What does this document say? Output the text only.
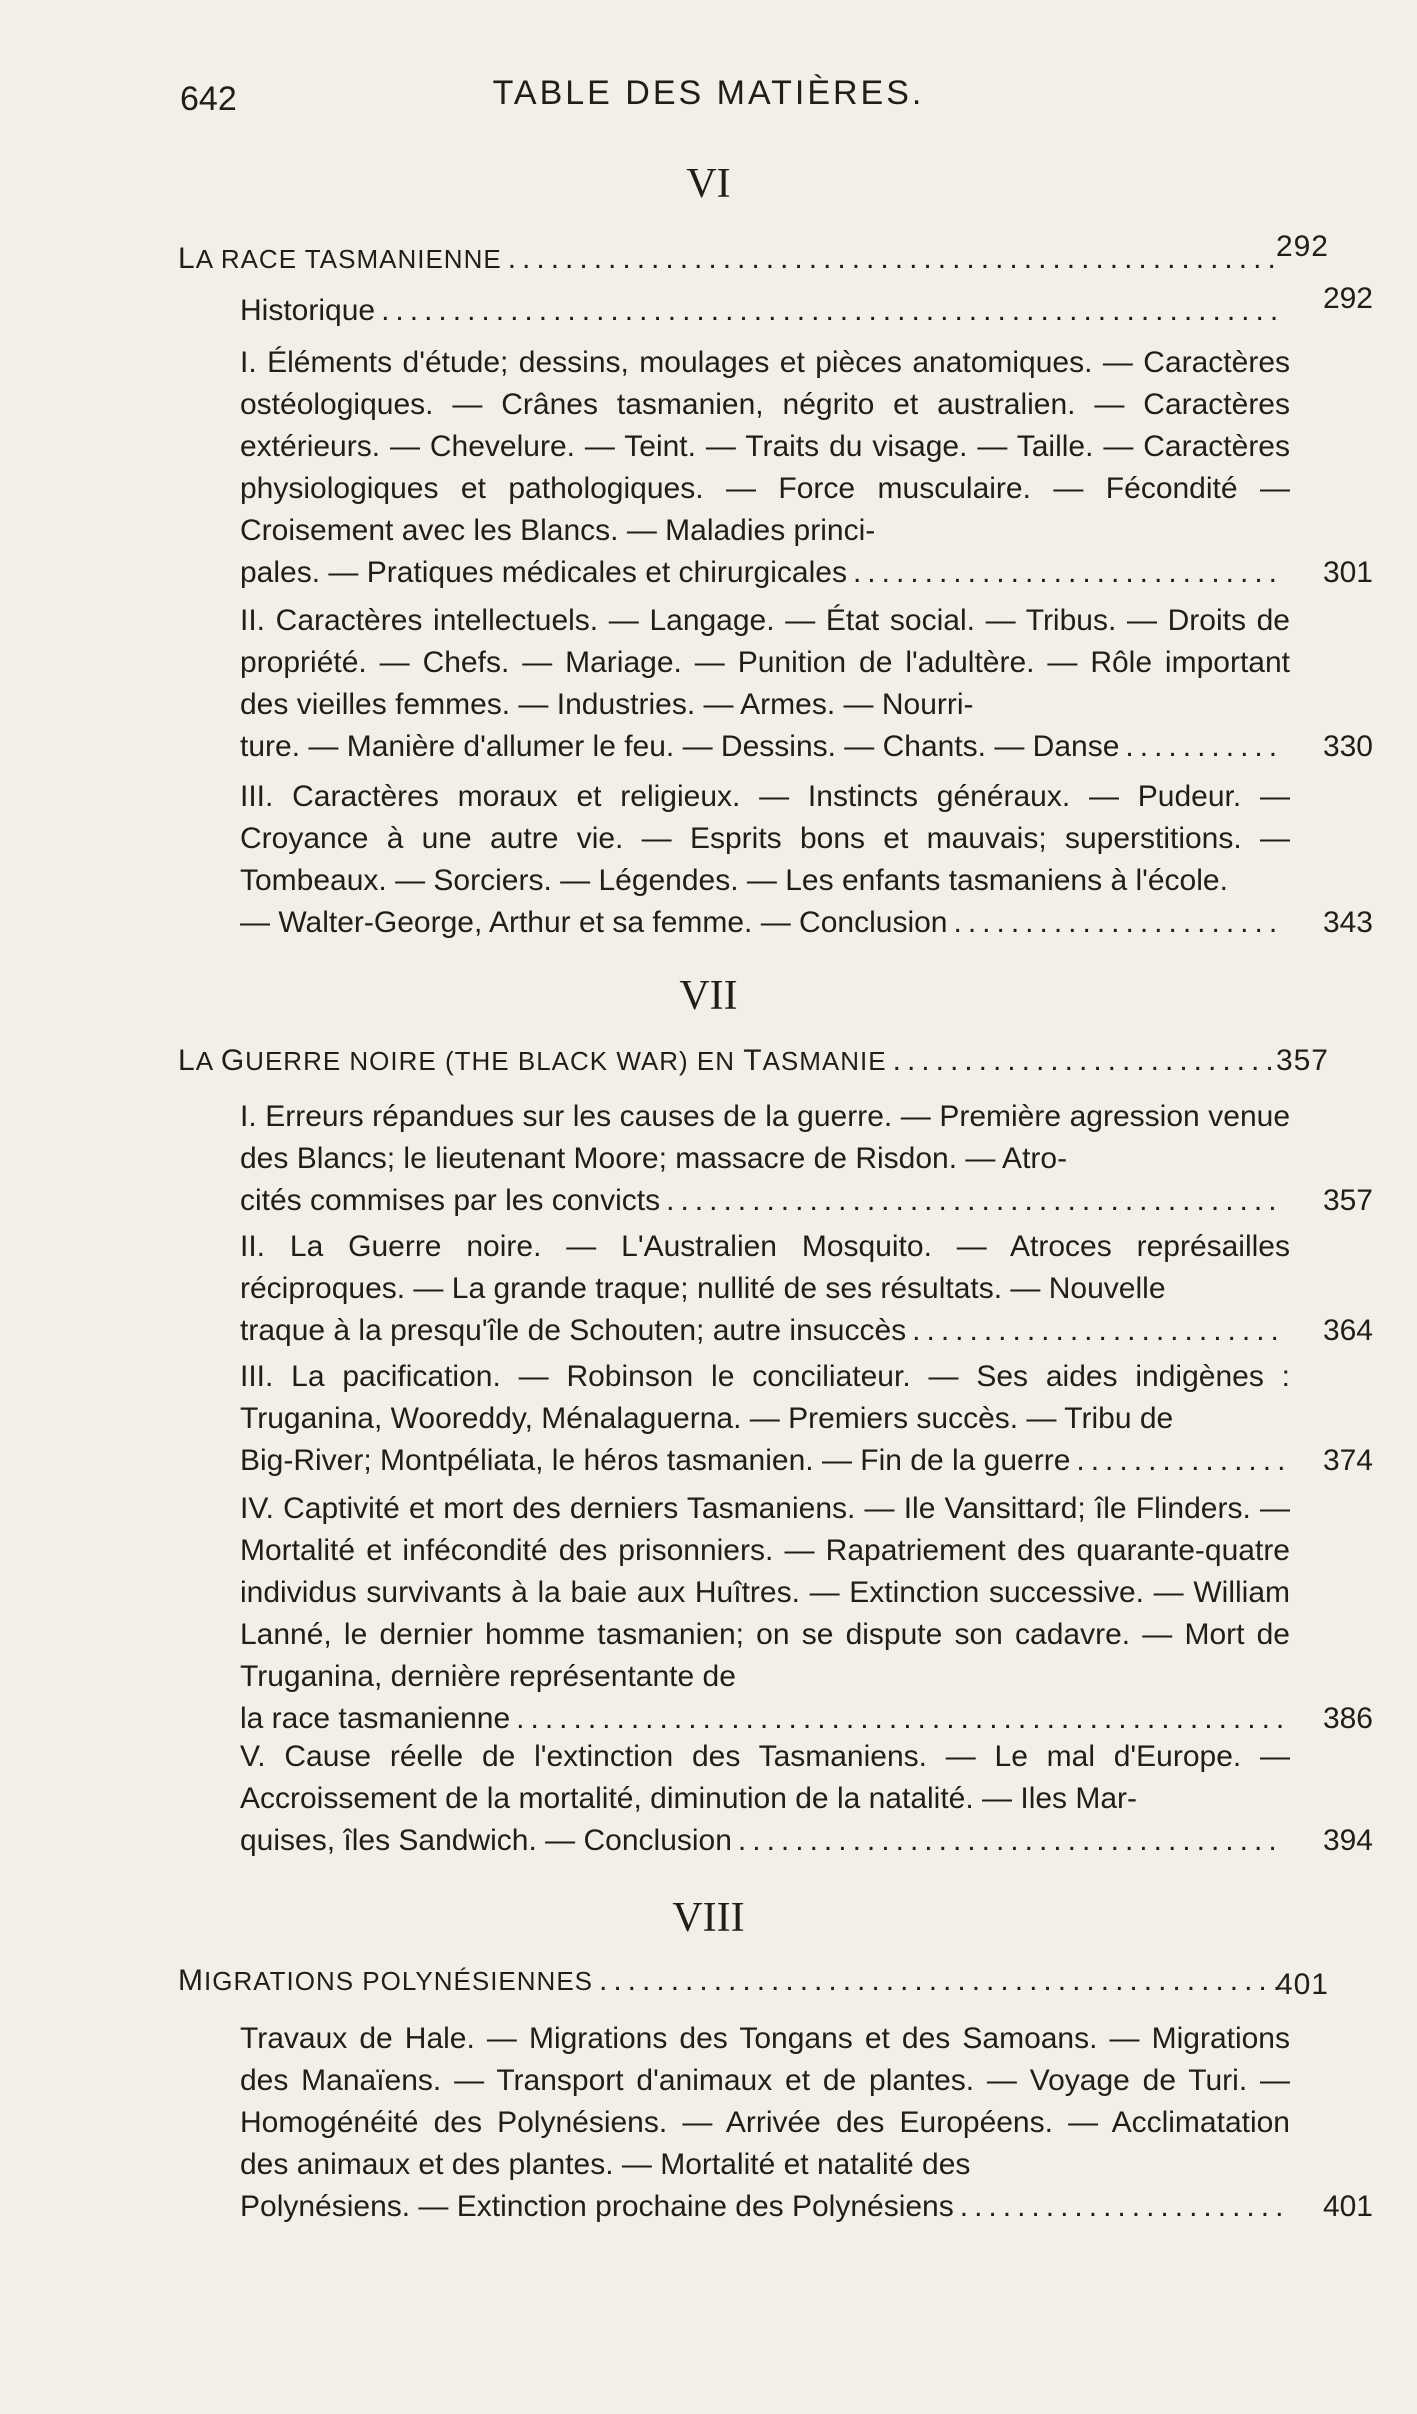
642	TABLE DES MATIÈRES.
VI
LA RACE TASMANIENNE .....	292
Historique .....	292
I. Éléments d'étude; dessins, moulages et pièces anatomiques. — Caractères ostéologiques. — Crânes tasmanien, négrito et australien. — Caractères extérieurs. — Chevelure. — Teint. — Traits du visage. — Taille. — Caractères physiologiques et pathologiques. — Force musculaire. — Fécondité — Croisement avec les Blancs. — Maladies princi-
pales. — Pratiques médicales et chirurgicales .....	301
II. Caractères intellectuels. — Langage. — État social. — Tribus. — Droits de propriété. — Chefs. — Mariage. — Punition de l'adultère. — Rôle important des vieilles femmes. — Industries. — Armes. — Nourri-
ture. — Manière d'allumer le feu. — Dessins. — Chants. — Danse .....	330
III. Caractères moraux et religieux. — Instincts généraux. — Pudeur. — Croyance à une autre vie. — Esprits bons et mauvais; superstitions. — Tombeaux. — Sorciers. — Légendes. — Les enfants tasmaniens à l'école.
— Walter-George, Arthur et sa femme. — Conclusion .....	343
VII
LA GUERRE NOIRE (THE BLACK WAR) EN TASMANIE .....	357
I. Erreurs répandues sur les causes de la guerre. — Première agression venue des Blancs; le lieutenant Moore; massacre de Risdon. — Atro-
cités commises par les convicts .....	357
II. La Guerre noire. — L'Australien Mosquito. — Atroces représailles réciproques. — La grande traque; nullité de ses résultats. — Nouvelle
traque à la presqu'île de Schouten; autre insuccès .....	364
III. La pacification. — Robinson le conciliateur. — Ses aides indigènes : Truganina, Wooreddy, Ménalaguerna. — Premiers succès. — Tribu de
Big-River; Montpéliata, le héros tasmanien. — Fin de la guerre .....	374
IV. Captivité et mort des derniers Tasmaniens. — Ile Vansittard; île Flinders. — Mortalité et infécondité des prisonniers. — Rapatriement des quarante-quatre individus survivants à la baie aux Huîtres. — Extinction successive. — William Lanné, le dernier homme tasmanien; on se dispute son cadavre. — Mort de Truganina, dernière représentante de
la race tasmanienne .....	386
V. Cause réelle de l'extinction des Tasmaniens. — Le mal d'Europe. — Accroissement de la mortalité, diminution de la natalité. — Iles Mar-
quises, îles Sandwich. — Conclusion .....	394
VIII
MIGRATIONS POLYNÉSIENNES .....	401
Travaux de Hale. — Migrations des Tongans et des Samoans. — Migrations des Manaïens. — Transport d'animaux et de plantes. — Voyage de Turi. — Homogénéité des Polynésiens. — Arrivée des Européens. — Acclimatation des animaux et des plantes. — Mortalité et natalité des
Polynésiens. — Extinction prochaine des Polynésiens .....	401
